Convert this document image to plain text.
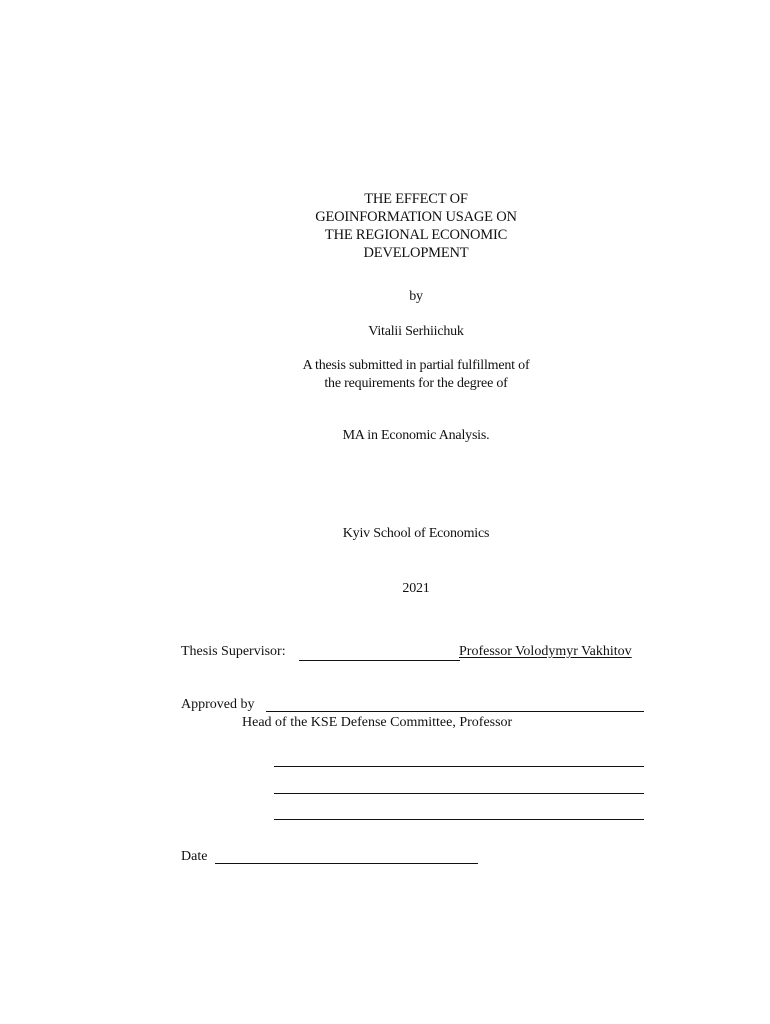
THE EFFECT OF
GEOINFORMATION USAGE ON
THE REGIONAL ECONOMIC
DEVELOPMENT
by
Vitalii Serhiichuk
A thesis submitted in partial fulfillment of
the requirements for the degree of
MA in Economic Analysis.
Kyiv School of Economics
2021
Thesis Supervisor:	Professor Volodymyr Vakhitov
Approved by
Head of the KSE Defense Committee, Professor
Date
